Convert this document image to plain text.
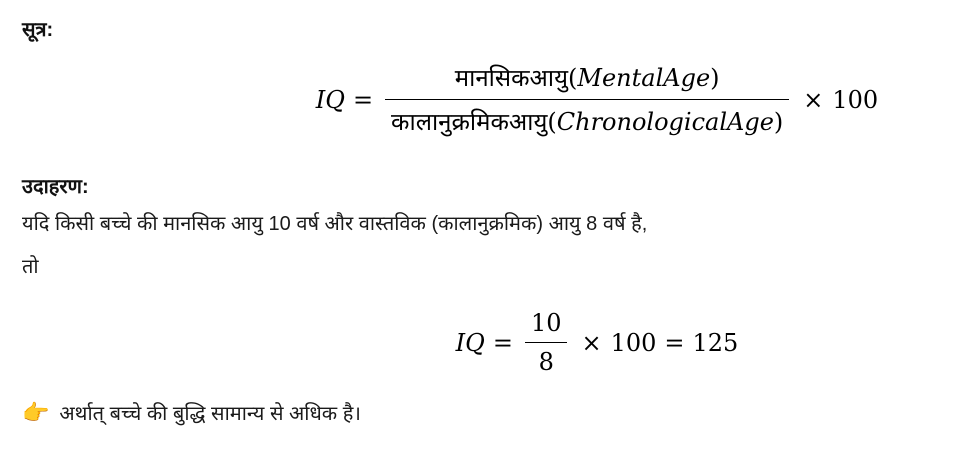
सूत्र:
IQ = $\frac{\text{मानसिकआयु(MentalAge)}}{\text{कालानुक्रमिकआयु(ChronologicalAge)}} \times 100$
उदाहरण:
यदि किसी बच्चे की मानसिक आयु 10 वर्ष और वास्तविक (कालानुक्रमिक) आयु 8 वर्ष है,
तो
IQ = $\frac{10}{8} \times 100 = 125$
👉 अर्थात् बच्चे की बुद्धि सामान्य से अधिक है।
